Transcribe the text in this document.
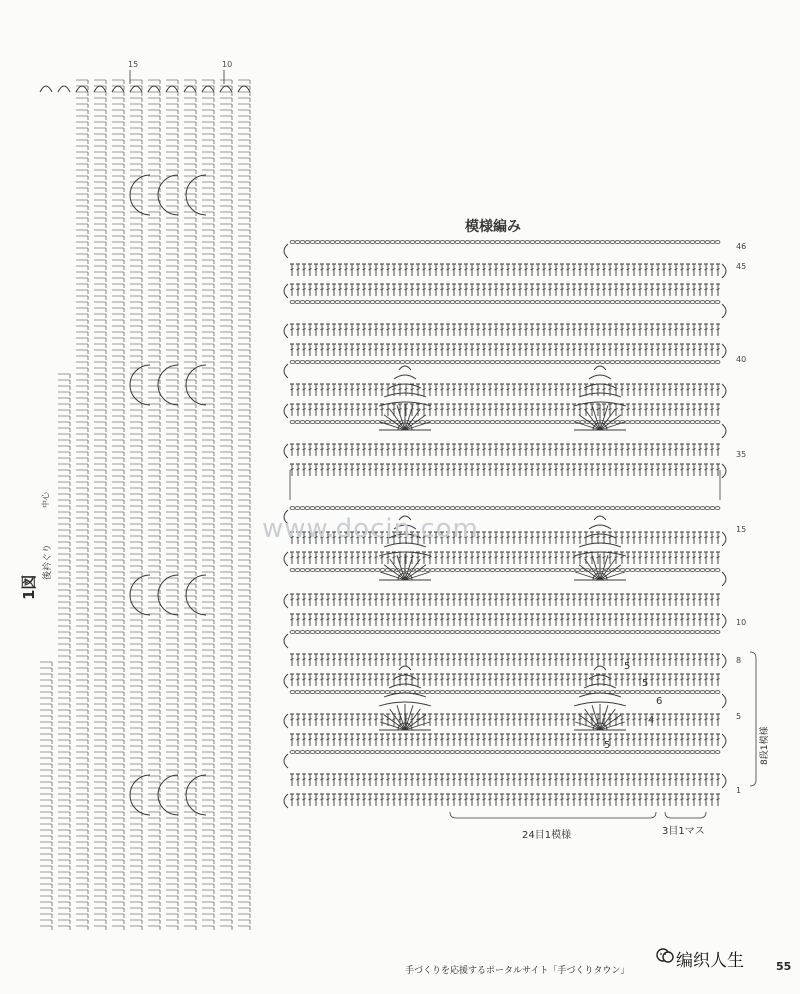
模様編み
1図
後衿ぐり
中心
15	10
46
45
40
35
15
10
8
5
1
5
5
6
4
5
24目1模様	3目1マス
8段1模様
www.docin.com
手づくりを応援するポータルサイト「手づくりタウン」	55
编织人生
